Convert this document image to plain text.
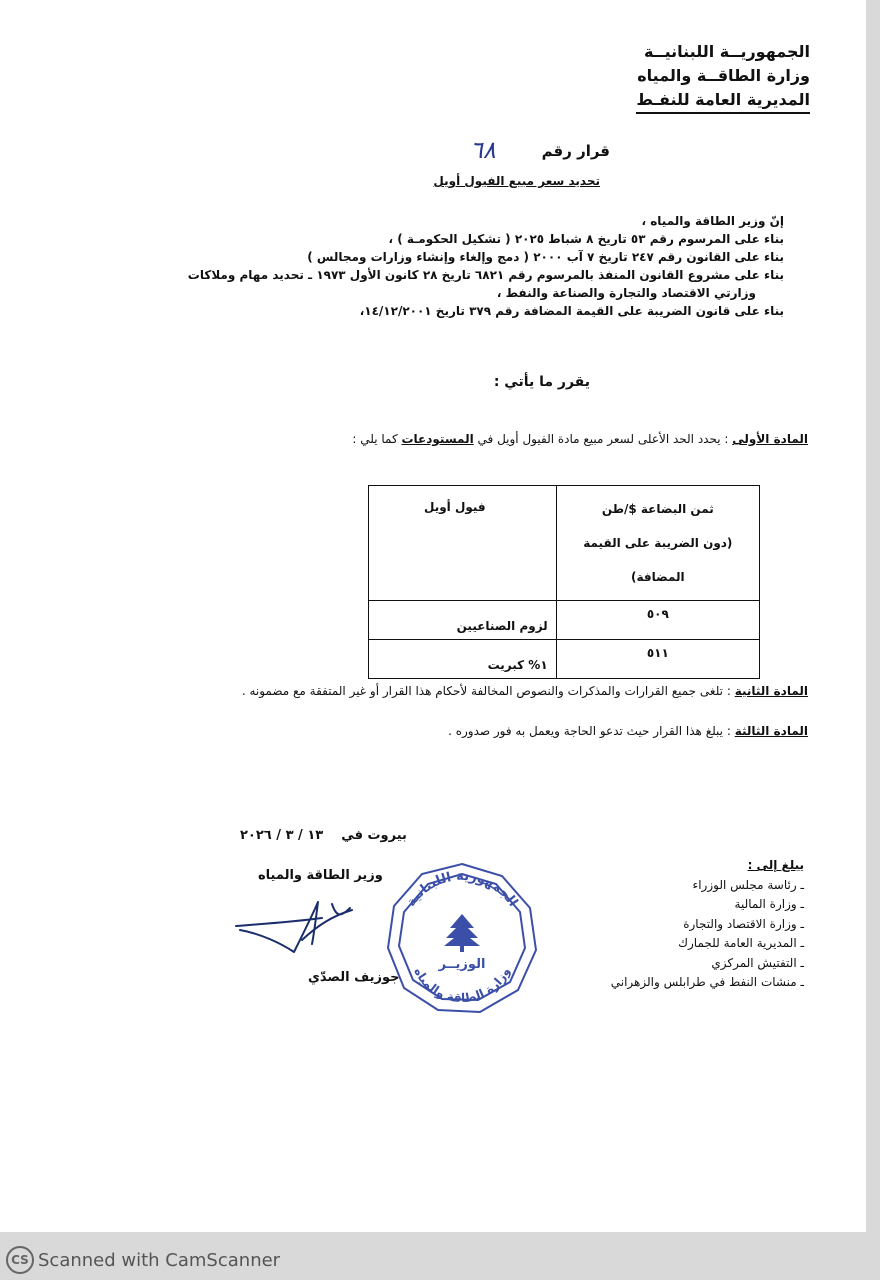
الجمهوريــة اللبنانيــة
وزارة الطاقــة والمياه
المديرية العامة للنفـط
قرار رقم
٦٨
تحديد سعر مبيع الفيول أويل
إنّ وزير الطاقة والمياه ،
بناء على المرسوم رقم ٥٣ تاريخ ٨ شباط ٢٠٢٥ ( تشكيل الحكومـة ) ،
بناء على القانون رقم ٢٤٧ تاريخ ٧ آب ٢٠٠٠ ( دمج وإلغاء وإنشاء وزارات ومجالس )
بناء على مشروع القانون المنفذ بالمرسوم رقم ٦٨٢١ تاريخ ٢٨ كانون الأول ١٩٧٣ ـ تحديد مهام وملاكات
وزارتي الاقتصاد والتجارة والصناعة والنفط ،
بناء على قانون الضريبة على القيمة المضافة رقم ٣٧٩ تاريخ ١٤/١٢/٢٠٠١،
يقرر ما يأتي :
المادة الأولى : يحدد الحد الأعلى لسعر مبيع مادة الفيول أويل في المستودعات كما يلي :
فيول أويل	ثمن البضاعة $/طن
(دون الضريبة على القيمة المضافة)

لزوم الصناعيين	٥٠٩
١% كبريت	٥١١
المادة الثانية : تلغى جميع القرارات والمذكرات والنصوص المخالفة لأحكام هذا القرار أو غير المتفقة مع مضمونه .
المادة الثالثة : يبلغ هذا القرار حيث تدعو الحاجة ويعمل به فور صدوره .
بيروت في    ١٣ / ٣ / ٢٠٢٦
وزير الطاقة والمياه
جوزيف الصدّي
الجمهورية اللبنانية
وزارة الطاقة والمياه
الوزيــر
يبلغ إلى :
ـ رئاسة مجلس الوزراء
ـ وزارة المالية
ـ وزارة الاقتصاد والتجارة
ـ المديرية العامة للجمارك
ـ التفتيش المركزي
ـ منشات النفط في طرابلس والزهراني
CS Scanned with CamScanner
